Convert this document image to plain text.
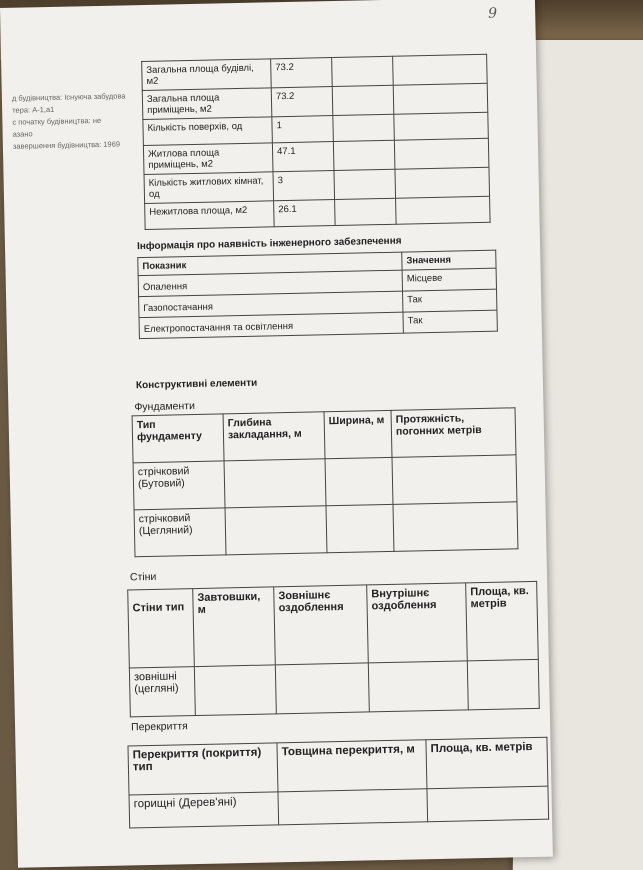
9
д будівництва: Існуюча забудова
тера: А-1,а1
с початку будівництва: не
азано
завершення будівництва: 1969
Загальна площа будівлі, м2	73.2		
Загальна площа приміщень, м2	73.2		
Кількість поверхів, од	1		
Житлова площа приміщень, м2	47.1		
Кількість житлових кімнат, од	3		
Нежитлова площа, м2	26.1		
Інформація про наявність інженерного забезпечення
Показник	Значення
Опалення	Місцеве
Газопостачання	Так
Електропостачання та освітлення	Так
Конструктивні елементи
Фундаменти
Тип фундаменту	Глибина закладання, м	Ширина, м	Протяжність, погонних метрів
стрічковий (Бутовий)			
стрічковий (Цегляний)			
Стіни
Стіни тип	Завтовшки, м	Зовнішнє оздоблення	Внутрішнє оздоблення	Площа, кв. метрів
зовнішні (цегляні)				
Перекриття
Перекриття (покриття) тип	Товщина перекриття, м	Площа, кв. метрів
горищні (Дерев'яні)		
